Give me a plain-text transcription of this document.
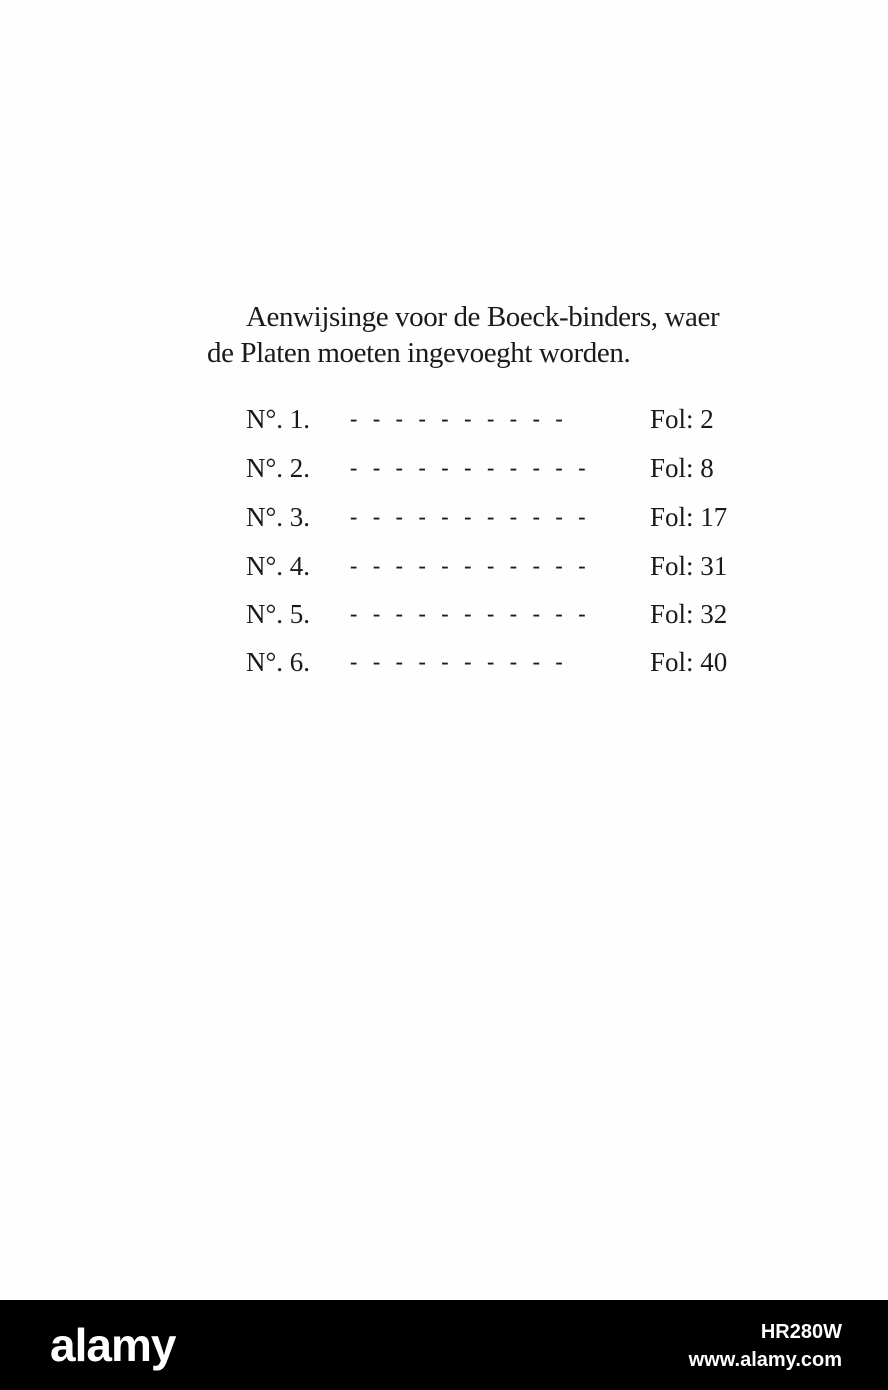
Aenwijsinge voor de Boeck-binders, waer
de Platen moeten ingevoeght worden.
N°. 1. - - - - - - - - - -	Fol: 2
N°. 2. - - - - - - - - - - - Fol: 8
N°. 3. - - - - - - - - - - - Fol: 17
N°. 4. - - - - - - - - - - - Fol: 31
N°. 5. - - - - - - - - - - - Fol: 32
N°. 6. - - - - - - - - - -	Fol: 40
alamy	HR280W
www.alamy.com
